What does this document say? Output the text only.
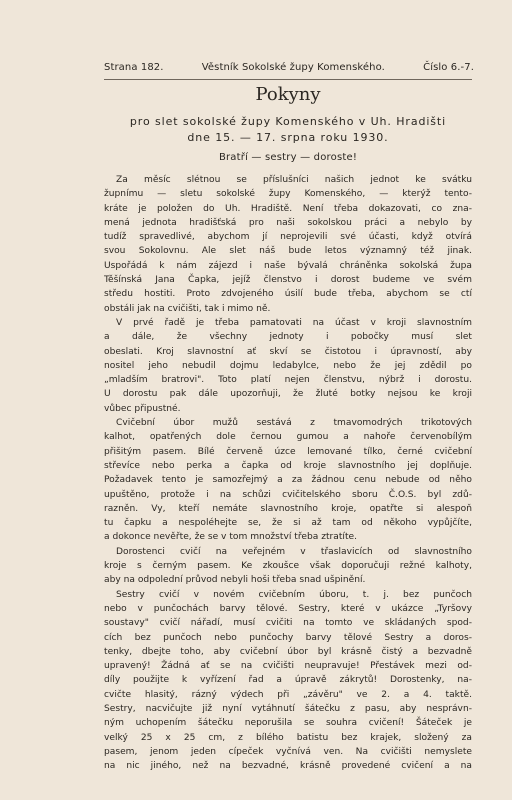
Strana 182.	Věstník Sokolské župy Komenského.	Číslo 6.-7.
Pokyny
pro slet sokolské župy Komenského v Uh. Hradišti
dne 15. — 17. srpna roku 1930.
Bratří — sestry — doroste!
Za měsíc slétnou se příslušníci našich jednot ke svátku
župnímu — sletu sokolské župy Komenského, — kterýž tento-
kráte je položen do Uh. Hradiště. Není třeba dokazovati, co zna-
mená jednota hradišťská pro naši sokolskou práci a nebylo by
tudíž spravedlivé, abychom jí neprojevili své účasti, když otvírá
svou Sokolovnu. Ale slet náš bude letos významný též jinak.
Uspořádá k nám zájezd i naše bývalá chráněnka sokolská župa
Těšínská Jana Čapka, jejíž členstvo i dorost budeme ve svém
středu hostiti. Proto zdvojeného úsilí bude třeba, abychom se ctí
obstáli jak na cvičišti, tak i mimo ně.
V prvé řadě je třeba pamatovati na účast v kroji slavnostním
a dále, že všechny jednoty i pobočky musí slet
obeslati. Kroj slavnostní ať skví se čistotou i úpravností, aby
nositel jeho nebudil dojmu ledabylce, nebo že jej zdědil po
„mladším bratrovi". Toto platí nejen členstvu, nýbrž i dorostu.
U dorostu pak dále upozorňuji, že žluté botky nejsou ke kroji
vůbec připustné.
Cvičební úbor mužů sestává z tmavomodrých trikotových
kalhot, opatřených dole černou gumou a nahoře červenobílým
přišitým pasem. Bílé červeně úzce lemované tílko, černé cvičební
střevíce nebo perka a čapka od kroje slavnostního jej doplňuje.
Požadavek tento je samozřejmý a za žádnou cenu nebude od něho
upuštěno, protože i na schůzi cvičitelského sboru Č.O.S. byl zdů-
razněn. Vy, kteří nemáte slavnostního kroje, opatřte si alespoň
tu čapku a nespoléhejte se, že si až tam od někoho vypůjčíte,
a dokonce nevěřte, že se v tom množství třeba ztratíte.
Dorostenci cvičí na veřejném v třaslavicích od slavnostního
kroje s černým pasem. Ke zkoušce však doporučuji režné kalhoty,
aby na odpolední průvod nebyli hoši třeba snad ušpinění.
Sestry cvičí v novém cvičebním úboru, t. j. bez punčoch
nebo v punčochách barvy tělové. Sestry, které v ukázce „Tyršovy
soustavy" cvičí nářadí, musí cvičiti na tomto ve skládaných spod-
cích bez punčoch nebo punčochy barvy tělové Sestry a doros-
tenky, dbejte toho, aby cvičební úbor byl krásně čistý a bezvadně
upravený! Žádná ať se na cvičišti neupravuje! Přestávek mezi od-
díly použijte k vyřízení řad a úpravě zákrytů! Dorostenky, na-
cvičte hlasitý, rázný výdech při „závěru" ve 2. a 4. taktě.
Sestry, nacvičujte již nyní vytáhnutí šátečku z pasu, aby nesprávn-
ným uchopením šátečku neporušila se souhra cvičení! Šáteček je
velký 25 x 25 cm, z bílého batistu bez krajek, složený za
pasem, jenom jeden cípeček vyčnívá ven. Na cvičišti nemyslete
na nic jiného, než na bezvadné, krásně provedené cvičení a na
